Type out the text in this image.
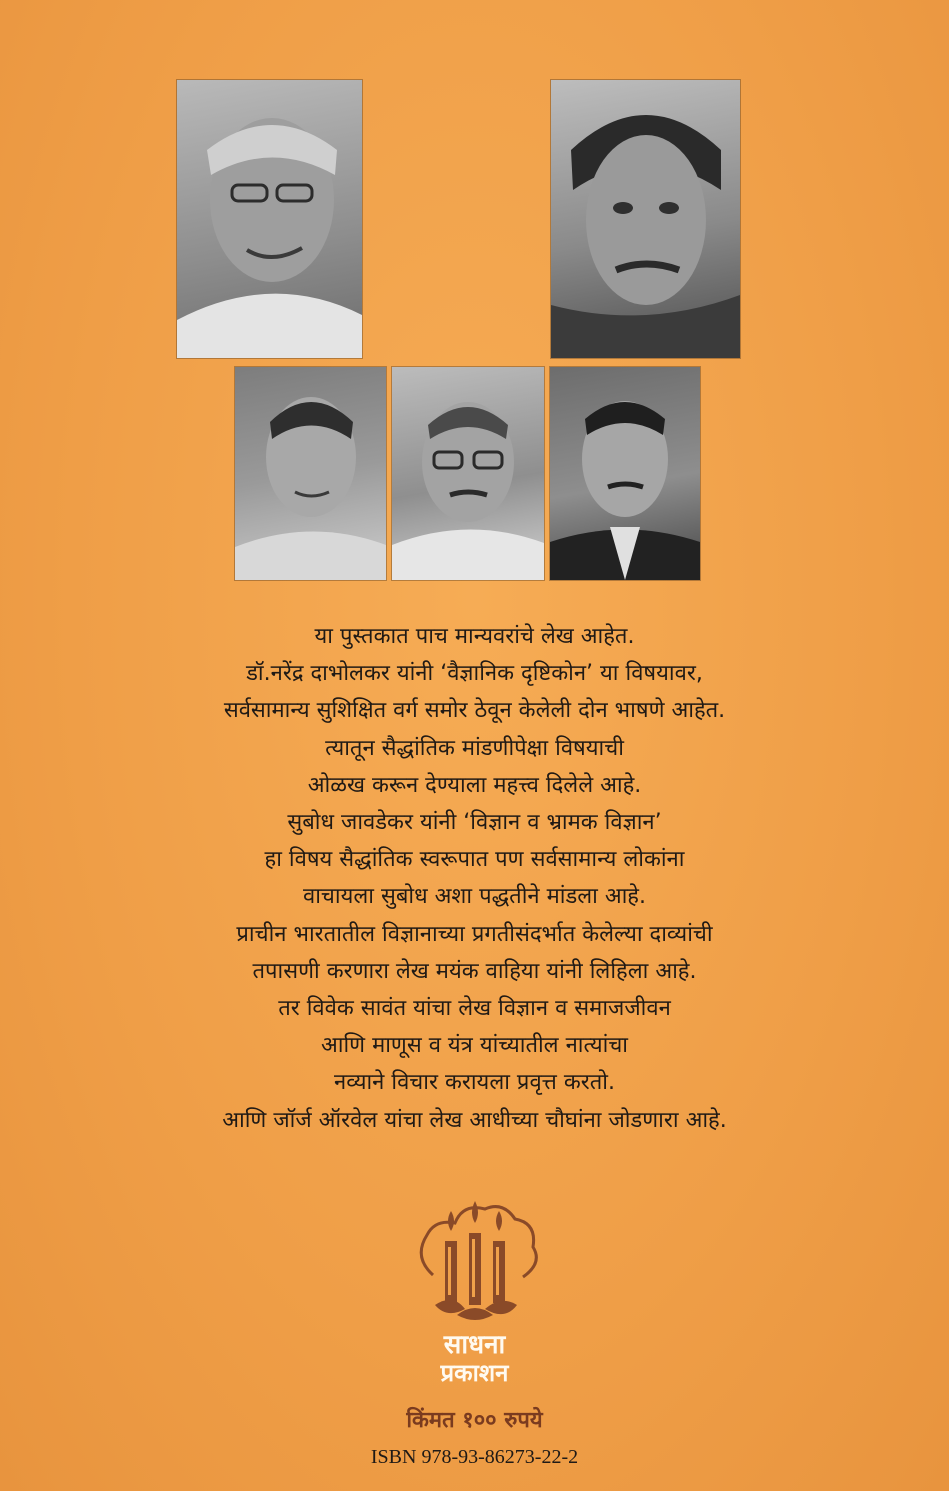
या पुस्तकात पाच मान्यवरांचे लेख आहेत.
डॉ.नरेंद्र दाभोलकर यांनी ‘वैज्ञानिक दृष्टिकोन’ या विषयावर,
सर्वसामान्य सुशिक्षित वर्ग समोर ठेवून केलेली दोन भाषणे आहेत.
त्यातून सैद्धांतिक मांडणीपेक्षा विषयाची
ओळख करून देण्याला महत्त्व दिलेले आहे.
सुबोध जावडेकर यांनी ‘विज्ञान व भ्रामक विज्ञान’
हा विषय सैद्धांतिक स्वरूपात पण सर्वसामान्य लोकांना
वाचायला सुबोध अशा पद्धतीने मांडला आहे.
प्राचीन भारतातील विज्ञानाच्या प्रगतीसंदर्भात केलेल्या दाव्यांची
तपासणी करणारा लेख मयंक वाहिया यांनी लिहिला आहे.
तर विवेक सावंत यांचा लेख विज्ञान व समाजजीवन
आणि माणूस व यंत्र यांच्यातील नात्यांचा
नव्याने विचार करायला प्रवृत्त करतो.
आणि जॉर्ज ऑरवेल यांचा लेख आधीच्या चौघांना जोडणारा आहे.
साधना
प्रकाशन
किंमत १०० रुपये
ISBN 978-93-86273-22-2
